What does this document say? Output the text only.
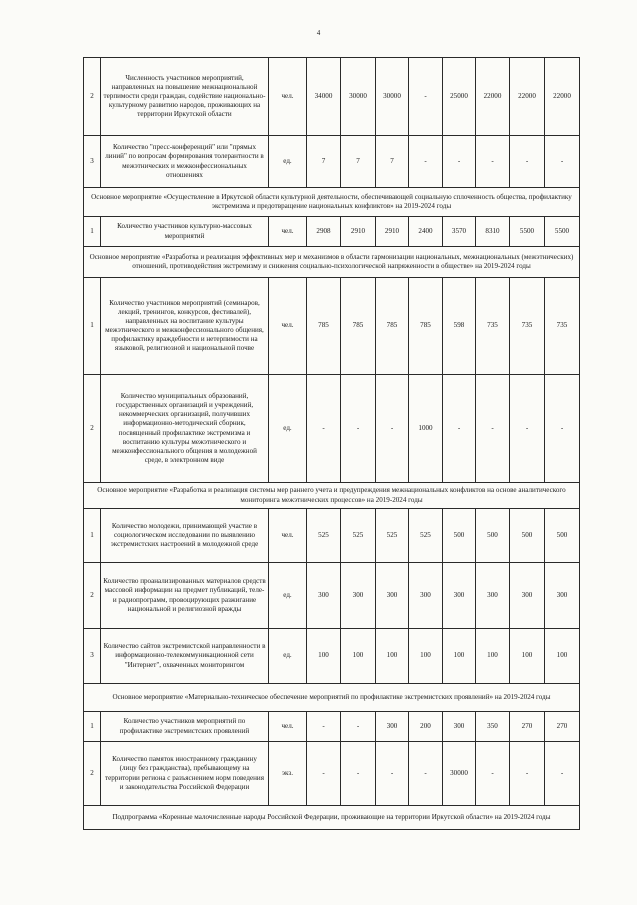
4
2	Численность участников мероприятий, направленных на повышение межнациональной терпимости среди граждан, содействие национально-культурному развитию народов, проживающих на территории Иркутской области	чел.	34000	30000	30000	-	25000	22000	22000	22000
3	Количество "пресс-конференций" или "прямых линий" по вопросам формирования толерантности в межэтнических и межконфессиональных отношениях	ед.	7	7	7	-	-	-	-	-
Основное мероприятие «Осуществление в Иркутской области культурной деятельности, обеспечивающей социальную сплоченность общества, профилактику экстремизма и предотвращение национальных конфликтов» на 2019-2024 годы										
1	Количество участников культурно-массовых мероприятий	чел.	2908	2910	2910	2400	3570	8310	5500	5500
Основное мероприятие «Разработка и реализация эффективных мер и механизмов в области гармонизации национальных, межнациональных (межэтнических) отношений, противодействия экстремизму и снижения социально-психологической напряженности в обществе» на 2019-2024 годы										
1	Количество участников мероприятий (семинаров, лекций, тренингов, конкурсов, фестивалей), направленных на воспитание культуры межэтнического и межконфессионального общения, профилактику враждебности и нетерпимости на языковой, религиозной и национальной почве	чел.	785	785	785	785	598	735	735	735
2	Количество муниципальных образований, государственных организаций и учреждений, некоммерческих организаций, получивших информационно-методический сборник, посвященный профилактике экстремизма и воспитанию культуры межэтнического и межконфессионального общения в молодежной среде, в электронном виде	ед.	-	-	-	1000	-	-	-	-
Основное мероприятие «Разработка и реализация системы мер раннего учета и предупреждения межнациональных конфликтов на основе аналитического мониторинга межэтнических процессов» на 2019-2024 годы										
1	Количество молодежи, принимающей участие в социологическом исследовании по выявлению экстремистских настроений в молодежной среде	чел.	525	525	525	525	500	500	500	500
2	Количество проанализированных материалов средств массовой информации на предмет публикаций, теле- и радиопрограмм, провоцирующих разжигание национальной и религиозной вражды	ед.	300	300	300	300	300	300	300	300
3	Количество сайтов экстремистской направленности в информационно-телекоммуникационной сети "Интернет", охваченных мониторингом	ед.	100	100	100	100	100	100	100	100
Основное мероприятие «Материально-техническое обеспечение мероприятий по профилактике экстремистских проявлений» на 2019-2024 годы										
1	Количество участников мероприятий по профилактике экстремистских проявлений	чел.	-	-	300	200	300	350	270	270
2	Количество памяток иностранному гражданину (лицу без гражданства), пребывающему на территории региона с разъяснением норм поведения и законодательства Российской Федерации	экз.	-	-	-	-	30000	-	-	-
Подпрограмма «Коренные малочисленные народы Российской Федерации, проживающие на территории Иркутской области» на 2019-2024 годы										
